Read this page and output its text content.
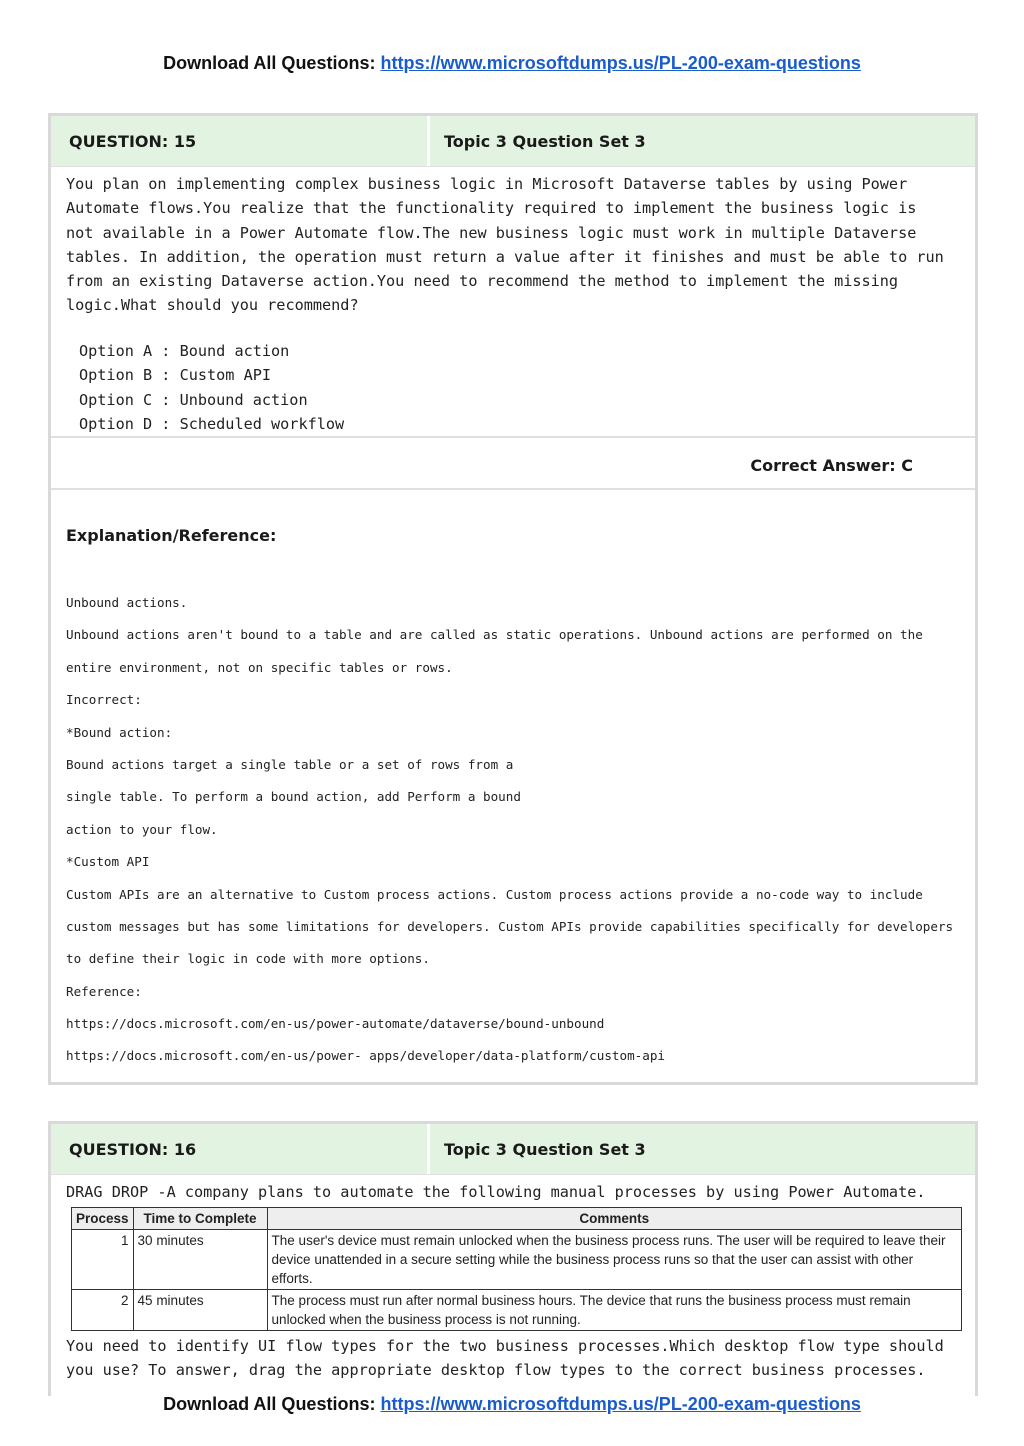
Download All Questions: https://www.microsoftdumps.us/PL-200-exam-questions
QUESTION: 15	Topic 3 Question Set 3
You plan on implementing complex business logic in Microsoft Dataverse tables by using Power Automate flows.You realize that the functionality required to implement the business logic is not available in a Power Automate flow.The new business logic must work in multiple Dataverse tables. In addition, the operation must return a value after it finishes and must be able to run from an existing Dataverse action.You need to recommend the method to implement the missing logic.What should you recommend?
Option A : Bound action
Option B : Custom API
Option C : Unbound action
Option D : Scheduled workflow
Correct Answer: C
Explanation/Reference:
Unbound actions.
Unbound actions aren't bound to a table and are called as static operations. Unbound actions are performed on the
entire environment, not on specific tables or rows.
Incorrect:
*Bound action:
Bound actions target a single table or a set of rows from a
single table. To perform a bound action, add Perform a bound
action to your flow.
*Custom API
Custom APIs are an alternative to Custom process actions. Custom process actions provide a no-code way to include
custom messages but has some limitations for developers. Custom APIs provide capabilities specifically for developers
to define their logic in code with more options.
Reference:
https://docs.microsoft.com/en-us/power-automate/dataverse/bound-unbound
https://docs.microsoft.com/en-us/power- apps/developer/data-platform/custom-api
QUESTION: 16	Topic 3 Question Set 3
DRAG DROP -A company plans to automate the following manual processes by using Power Automate.
Process	Time to Complete	Comments
1	30 minutes	The user's device must remain unlocked when the business process runs. The user will be required to leave their device unattended in a secure setting while the business process runs so that the user can assist with other efforts.
2	45 minutes	The process must run after normal business hours. The device that runs the business process must remain unlocked when the business process is not running.
You need to identify UI flow types for the two business processes.Which desktop flow type should you use? To answer, drag the appropriate desktop flow types to the correct business processes.
Download All Questions: https://www.microsoftdumps.us/PL-200-exam-questions
